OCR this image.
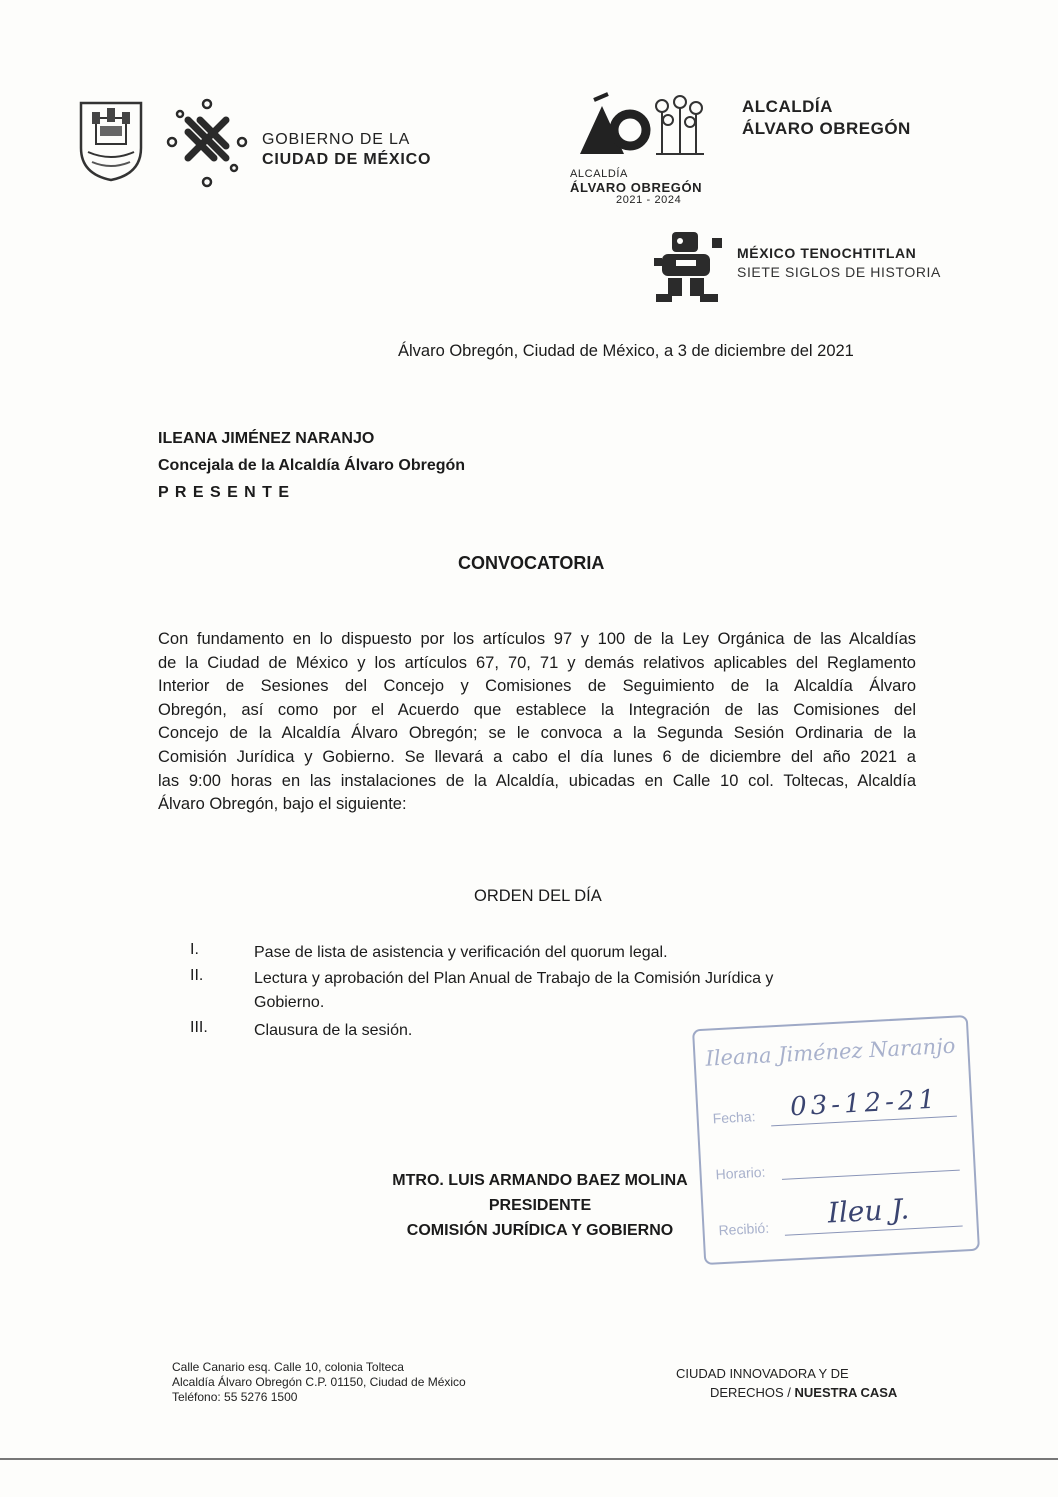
GOBIERNO DE LA
CIUDAD DE MÉXICO
ALCALDÍA
ÁLVARO OBREGÓN
2021 - 2024
ALCALDÍA
ÁLVARO OBREGÓN
MÉXICO TENOCHTITLAN
SIETE SIGLOS DE HISTORIA
Álvaro Obregón, Ciudad de México, a 3 de diciembre del 2021
ILEANA JIMÉNEZ NARANJO
Concejala de la Alcaldía Álvaro Obregón
P R E S E N T E
CONVOCATORIA
Con fundamento en lo dispuesto por los artículos 97 y 100 de la Ley Orgánica de las Alcaldías
de la Ciudad de México y los artículos 67, 70, 71 y demás relativos aplicables del Reglamento
Interior de Sesiones del Concejo y Comisiones de Seguimiento de la Alcaldía Álvaro
Obregón, así como por el Acuerdo que establece la Integración de las Comisiones del
Concejo de la Alcaldía Álvaro Obregón; se le convoca a la Segunda Sesión Ordinaria de la
Comisión Jurídica y Gobierno. Se llevará a cabo el día lunes 6 de diciembre del año 2021 a
las 9:00 horas en las instalaciones de la Alcaldía, ubicadas en Calle 10 col. Toltecas, Alcaldía
Álvaro Obregón, bajo el siguiente:
ORDEN DEL DÍA
I.	Pase de lista de asistencia y verificación del quorum legal.
II.	Lectura y aprobación del Plan Anual de Trabajo de la Comisión Jurídica y
Gobierno.
III.	Clausura de la sesión.
Ileana Jiménez Naranjo
Fecha: 03-12-21
Horario:
Recibió: Ileu J.
MTRO. LUIS ARMANDO BAEZ MOLINA
PRESIDENTE
COMISIÓN JURÍDICA Y GOBIERNO
Calle Canario esq. Calle 10, colonia Tolteca
Alcaldía Álvaro Obregón C.P. 01150, Ciudad de México
Teléfono: 55 5276 1500
CIUDAD INNOVADORA Y DE
DERECHOS / NUESTRA CASA
